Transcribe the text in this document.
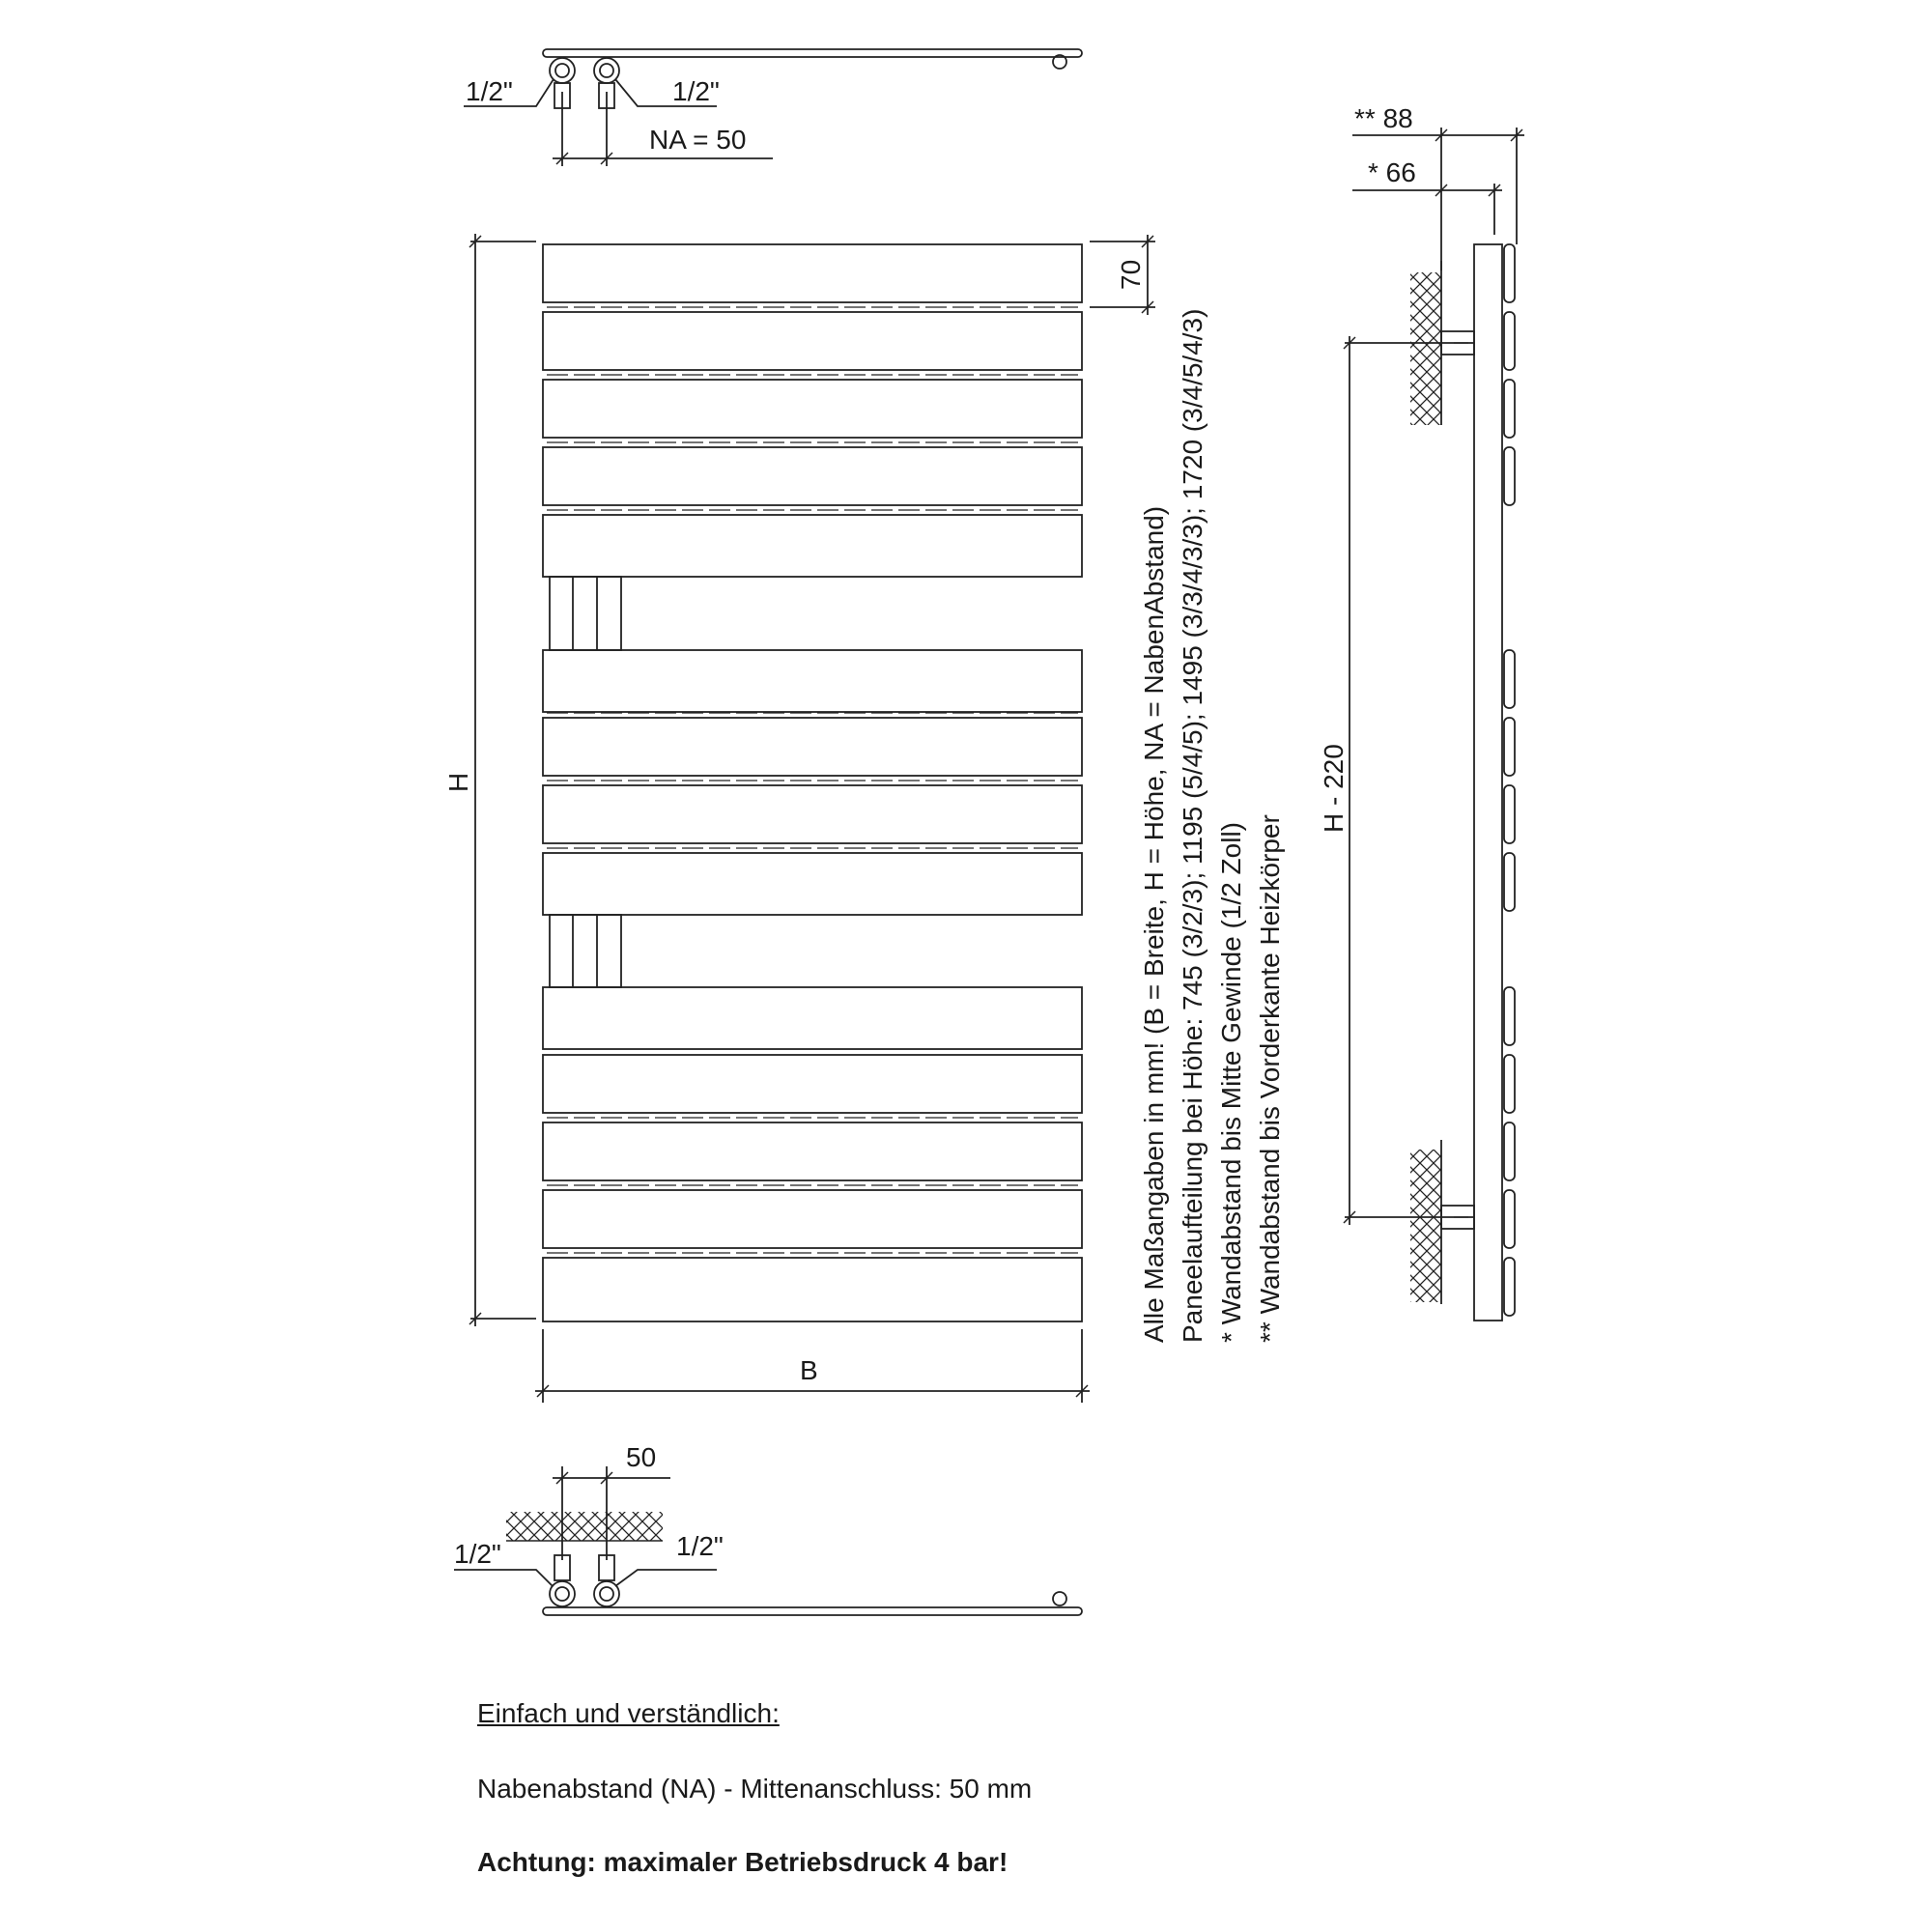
1/2"	1/2"
NA = 50
70
H
B
50
1/2"	1/2"
** 88
* 66
H - 220
Alle Maßangaben in mm! (B = Breite, H = Höhe, NA = NabenAbstand) Paneelaufteilung bei Höhe: 745 (3/2/3); 1195 (5/4/5); 1495 (3/3/4/3/3); 1720 (3/4/5/4/3) * Wandabstand bis Mitte Gewinde (1/2 Zoll) ** Wandabstand bis Vorderkante Heizkörper

Einfach und verständlich:

Nabenabstand (NA) - Mittenanschluss: 50 mm

Achtung: maximaler Betriebsdruck 4 bar!
